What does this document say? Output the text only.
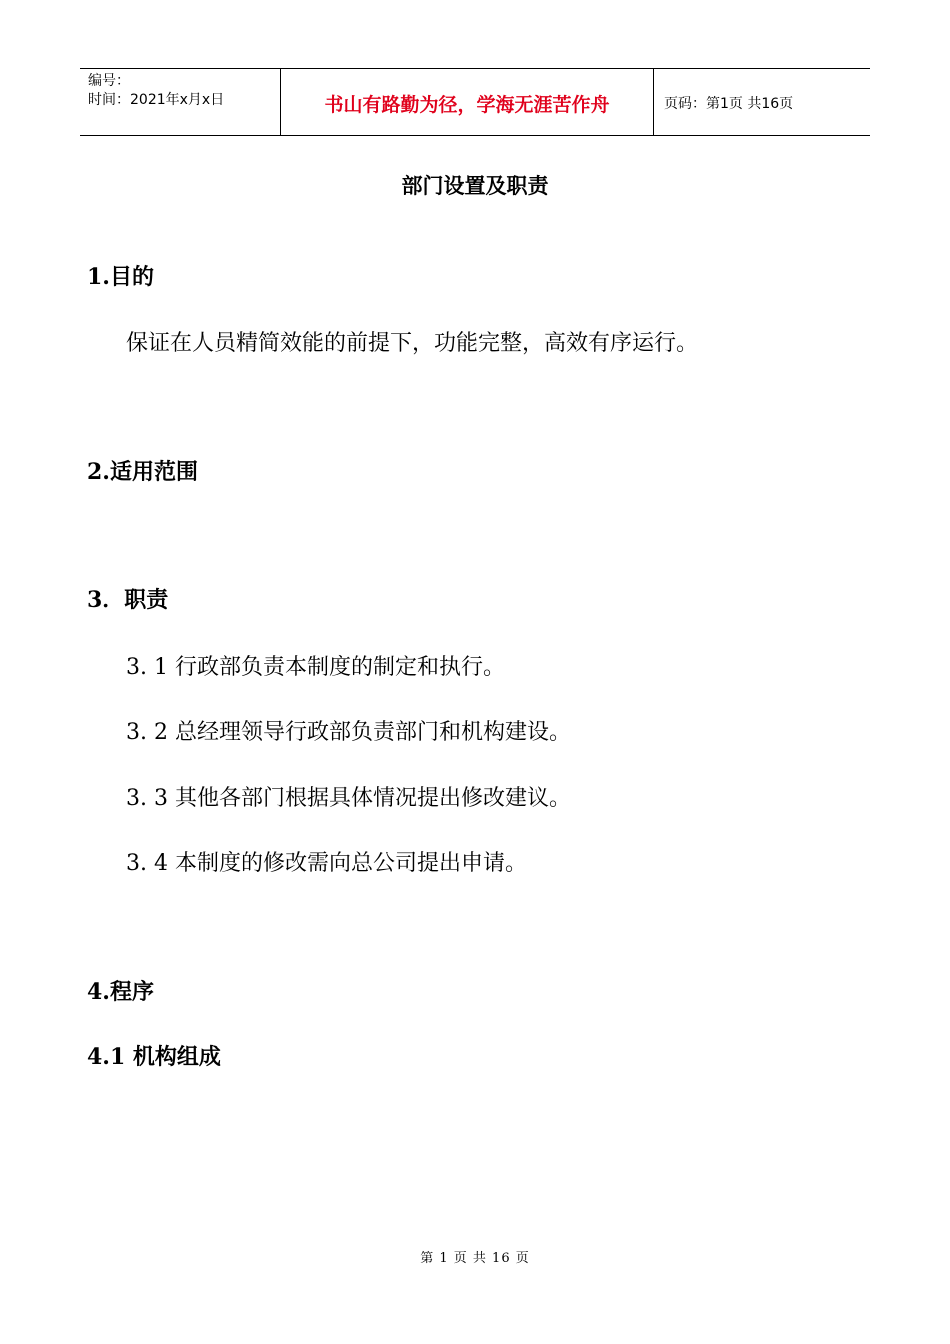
编号：
时间：2021年x月x日	书山有路勤为径，学海无涯苦作舟	页码：第1页 共16页
部门设置及职责
1.目的
保证在人员精简效能的前提下，功能完整，高效有序运行。
2.适用范围
3．职责
3. 1 行政部负责本制度的制定和执行。
3. 2 总经理领导行政部负责部门和机构建设。
3. 3 其他各部门根据具体情况提出修改建议。
3. 4 本制度的修改需向总公司提出申请。
4.程序
4.1 机构组成
第 1 页 共 16 页
